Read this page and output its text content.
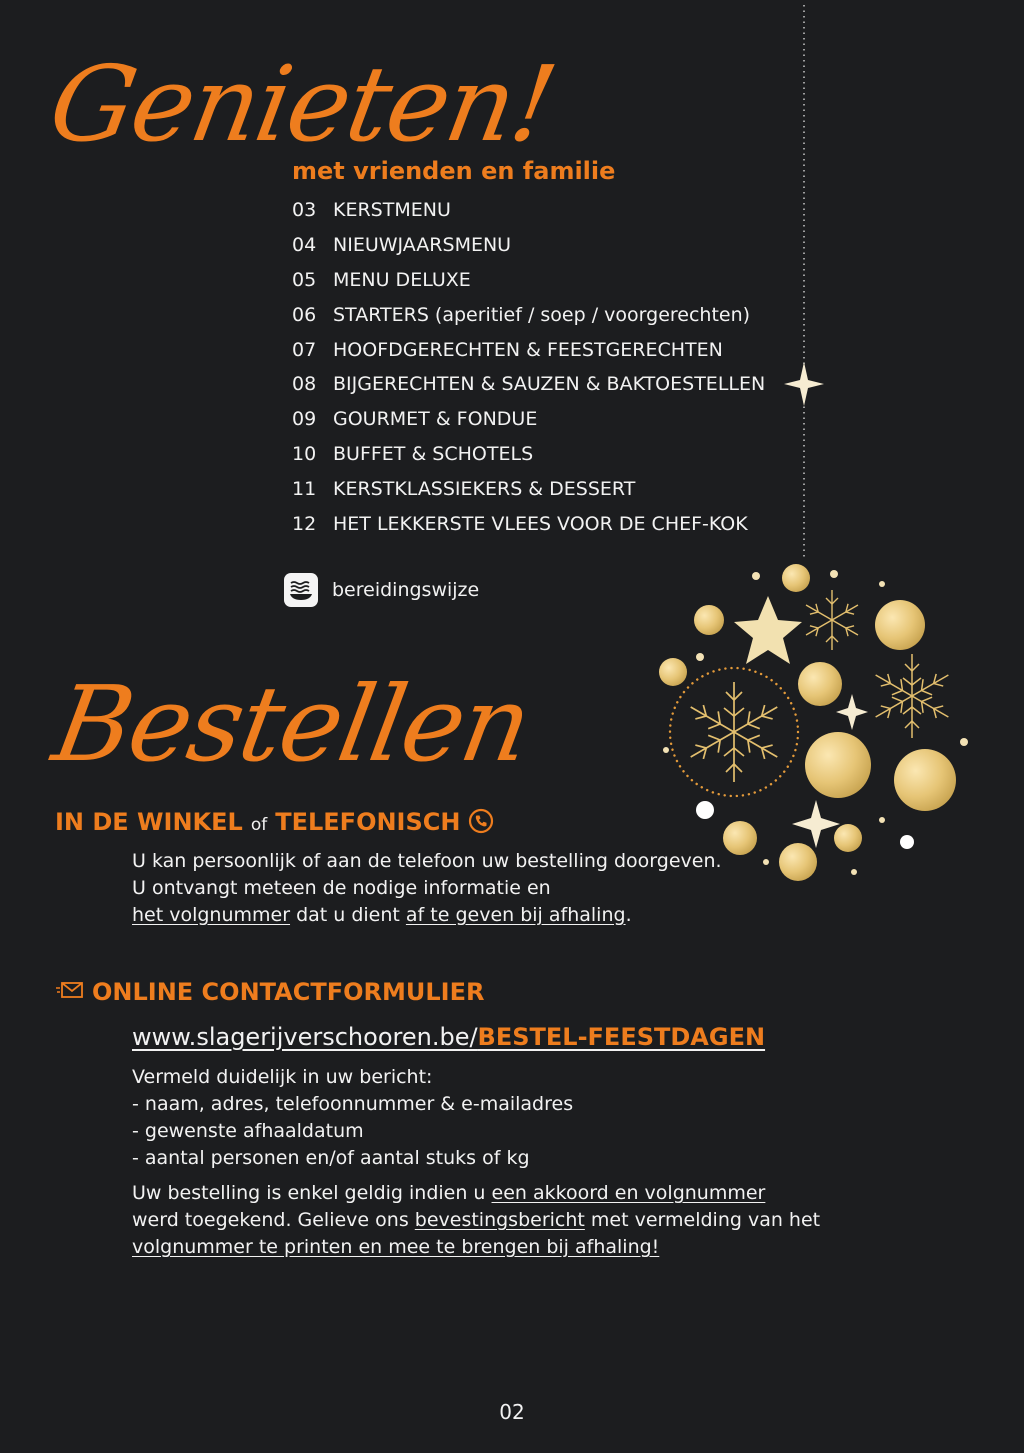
Genieten!
met vrienden en familie
03 KERSTMENU
04 NIEUWJAARSMENU
05 MENU DELUXE
06 STARTERS (aperitief / soep / voorgerechten)
07 HOOFDGERECHTEN & FEESTGERECHTEN
08 BIJGERECHTEN & SAUZEN & BAKTOESTELLEN
09 GOURMET & FONDUE
10 BUFFET & SCHOTELS
11 KERSTKLASSIEKERS & DESSERT
12 HET LEKKERSTE VLEES VOOR DE CHEF-KOK
bereidingswijze
Bestellen
IN DE WINKEL of TELEFONISCH

U kan persoonlijk of aan de telefoon uw bestelling doorgeven.

U ontvangt meteen de nodige informatie en

het volgnummer dat u dient af te geven bij afhaling.

ONLINE CONTACTFORMULIER
www.slagerijverschooren.be/BESTEL-FEESTDAGEN

Vermeld duidelijk in uw bericht:

- naam, adres, telefoonnummer & e-mailadres

- gewenste afhaaldatum

- aantal personen en/of aantal stuks of kg

Uw bestelling is enkel geldig indien u een akkoord en volgnummer

werd toegekend. Gelieve ons bevestingsbericht met vermelding van het

volgnummer te printen en mee te brengen bij afhaling!

02
